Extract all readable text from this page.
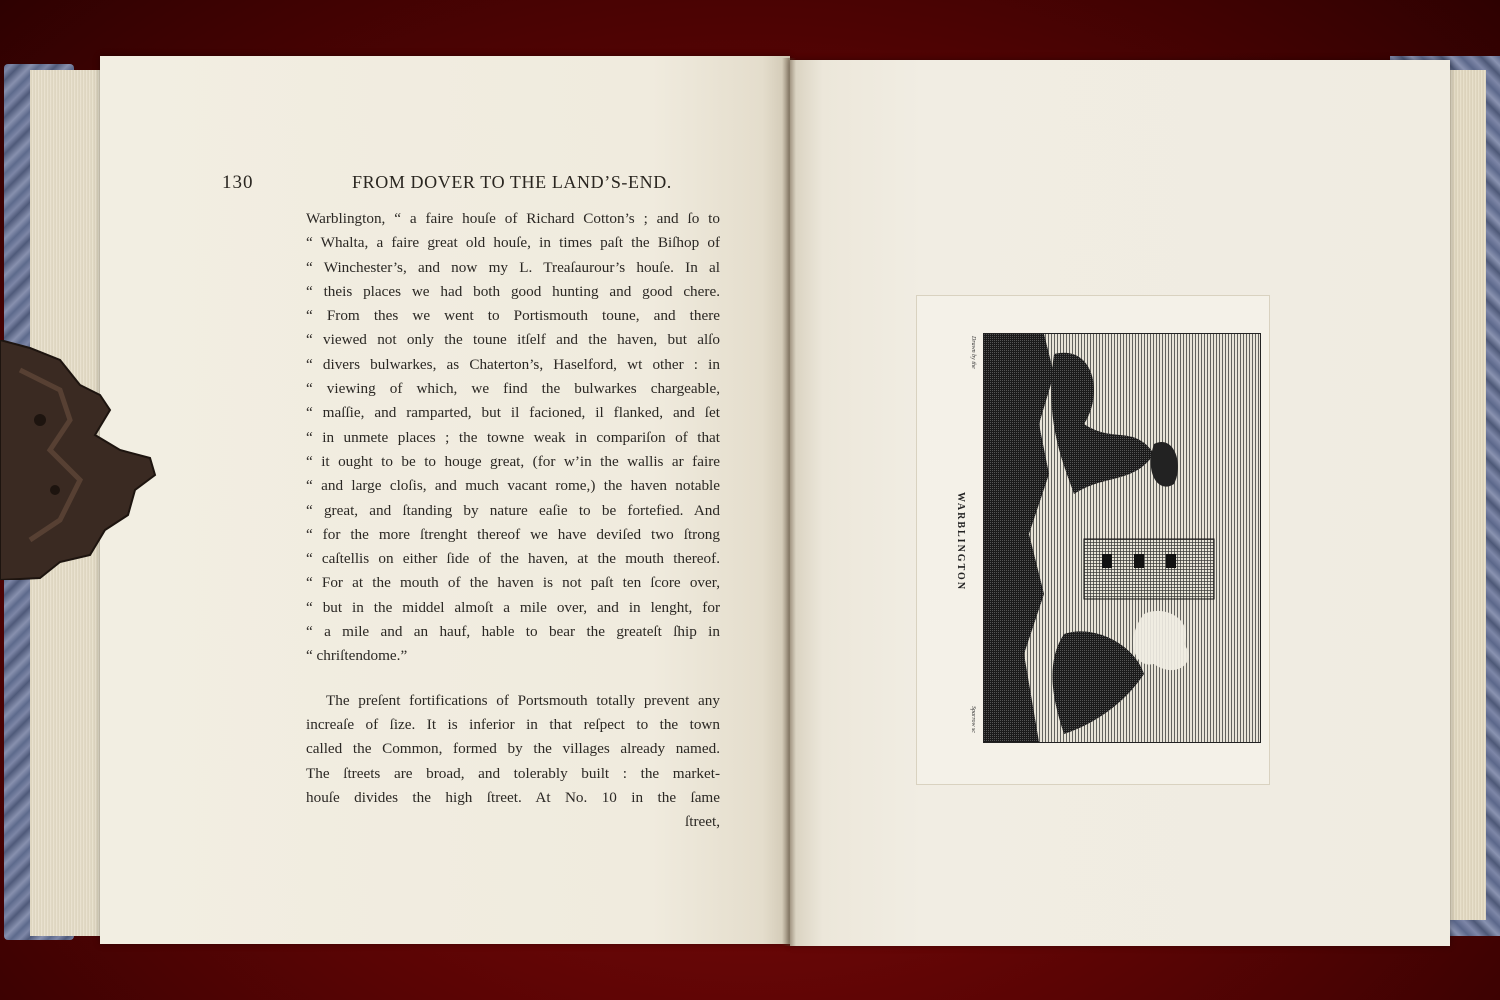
130	FROM DOVER TO THE LAND’S-END.
Warblington, “ a faire houſe of Richard Cotton’s ; and ſo to
“ Whalta, a faire great old houſe, in times paſt the Biſhop of
“ Winchester’s, and now my L. Treaſaurour’s houſe. In al
“ theis places we had both good hunting and good chere.
“ From thes we went to Portismouth toune, and there
“ viewed not only the toune itſelf and the haven, but alſo
“ divers bulwarkes, as Chaterton’s, Haselford, wt other : in
“ viewing of which, we find the bulwarkes chargeable,
“ maſſie, and ramparted, but il facioned, il flanked, and ſet
“ in unmete places ; the towne weak in compariſon of that
“ it ought to be to houge great, (for w’in the wallis ar faire
“ and large cloſis, and much vacant rome,) the haven notable
“ great, and ſtanding by nature eaſie to be fortefied. And
“ for the more ſtrenght thereof we have deviſed two ſtrong
“ caſtellis on either ſide of the haven, at the mouth thereof.
“ For at the mouth of the haven is not paſt ten ſcore over,
“ but in the middel almoſt a mile over, and in lenght, for
“ a mile and an hauf, hable to bear the greateſt ſhip in
“ chriſtendome.”
The preſent fortifications of Portsmouth totally prevent any
increaſe of ſize. It is inferior in that reſpect to the town
called the Common, formed by the villages already named.
The ſtreets are broad, and tolerably built : the market-
houſe divides the high ſtreet. At No. 10 in the ſame
ſtreet,
Drawn by the
Sparrow sc
